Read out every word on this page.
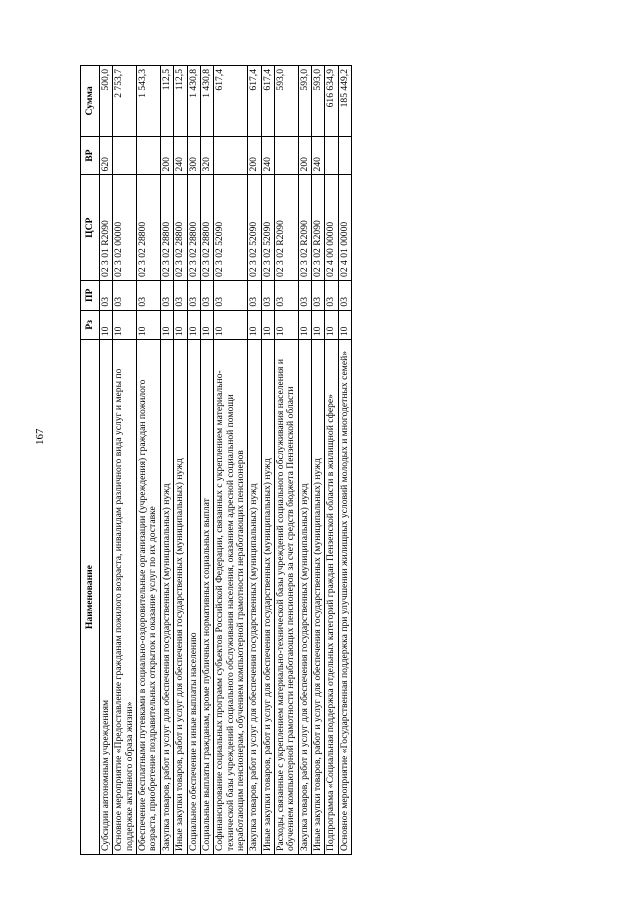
167
Наименование	Рз	ПР	ЦСР	ВР	Сумма
Субсидии автономным учреждениям	10	03	02 3 01 R2090	620	500,0
Основное мероприятие «Предоставление гражданам пожилого возраста, инвалидам различного вида услуг и меры по поддержке активного образа жизни»	10	03	02 3 02 00000		2 753,7
Обеспечение бесплатными путевками в социально-оздоровительные организации (учреждения) граждан пожилого возраста, приобретение поздравительных открыток и оказание услуг по их доставке	10	03	02 3 02 28800		1 543,3
Закупка товаров, работ и услуг для обеспечения государственных (муниципальных) нужд	10	03	02 3 02 28800	200	112,5
Иные закупки товаров, работ и услуг для обеспечения государственных (муниципальных) нужд	10	03	02 3 02 28800	240	112,5
Социальное обеспечение и иные выплаты населению	10	03	02 3 02 28800	300	1 430,8
Социальные выплаты гражданам, кроме публичных нормативных социальных выплат	10	03	02 3 02 28800	320	1 430,8
Софинансирование социальных программ субъектов Российской Федерации, связанных с укреплением материально-технической базы учреждений социального обслуживания населения, оказанием адресной социальной помощи неработающим пенсионерам, обучением компьютерной грамотности неработающих пенсионеров	10	03	02 3 02 52090		617,4
Закупка товаров, работ и услуг для обеспечения государственных (муниципальных) нужд	10	03	02 3 02 52090	200	617,4
Иные закупки товаров, работ и услуг для обеспечения государственных (муниципальных) нужд	10	03	02 3 02 52090	240	617,4
Расходы, связанные с укреплением материально-технической базы учреждений социального обслуживания населения и обучением компьютерной грамотности неработающих пенсионеров за счет средств бюджета Пензенской области	10	03	02 3 02 R2090		593,0
Закупка товаров, работ и услуг для обеспечения государственных (муниципальных) нужд	10	03	02 3 02 R2090	200	593,0
Иные закупки товаров, работ и услуг для обеспечения государственных (муниципальных) нужд	10	03	02 3 02 R2090	240	593,0
Подпрограмма «Социальная поддержка отдельных категорий граждан Пензенской области в жилищной сфере»	10	03	02 4 00 00000		616 634,9
Основное мероприятие «Государственная поддержка при улучшении жилищных условий молодых и многодетных семей»	10	03	02 4 01 00000		185 449,2
